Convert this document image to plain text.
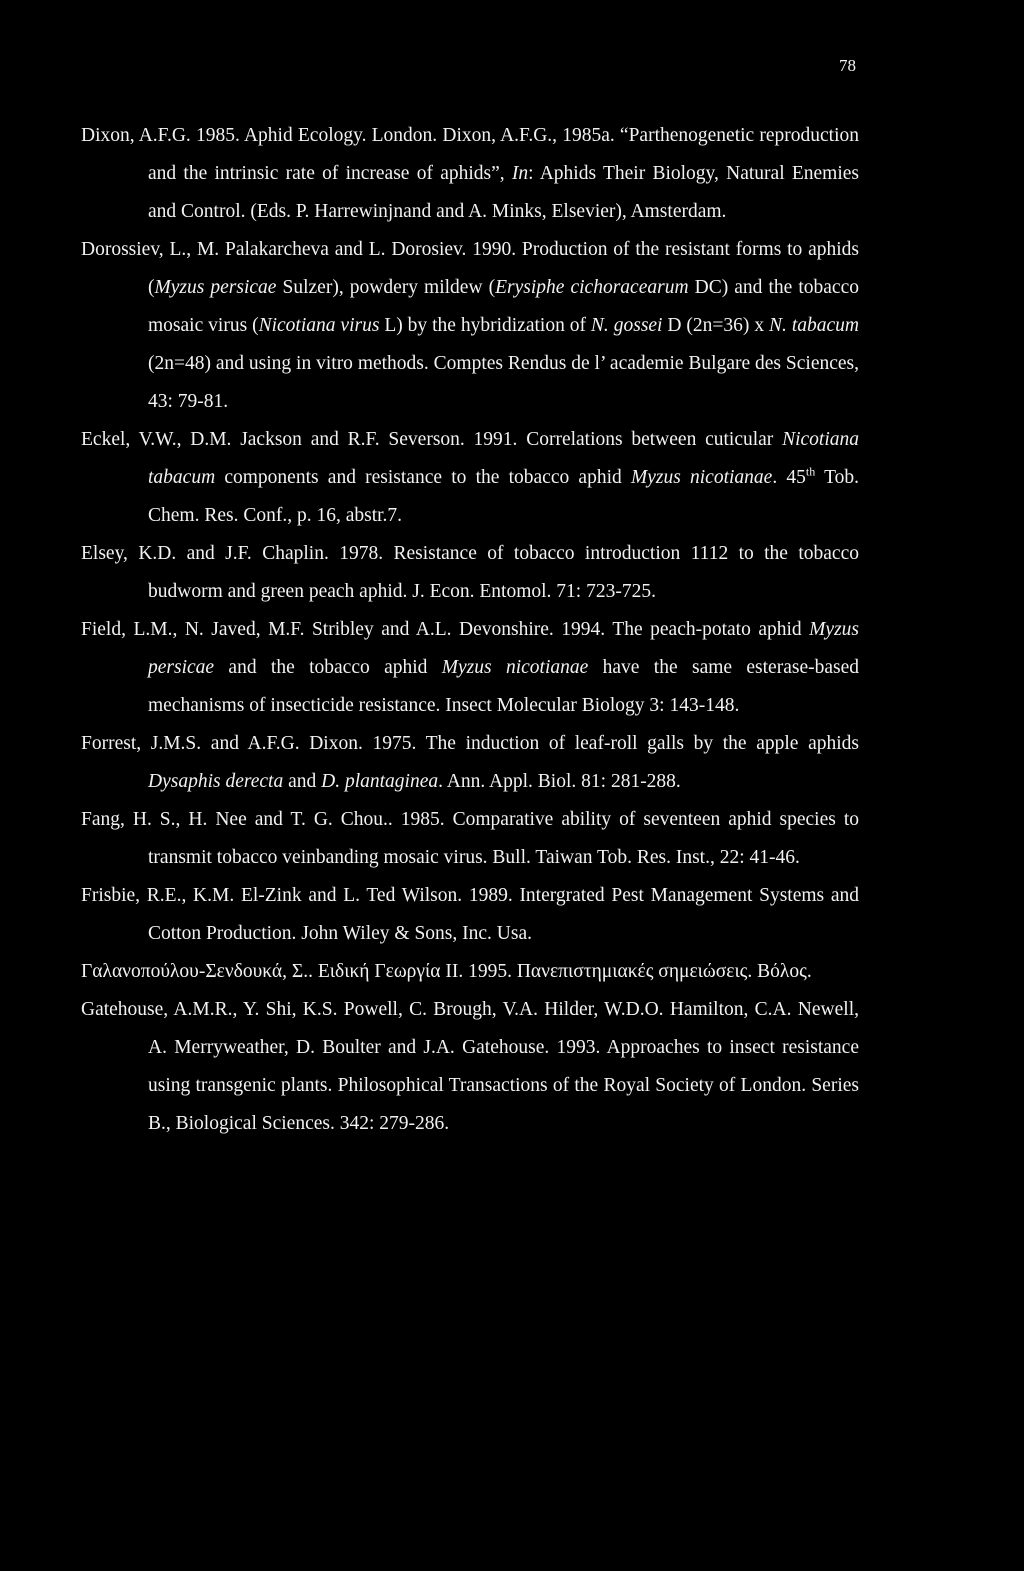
78

Dixon, A.F.G. 1985. Aphid Ecology. London. Dixon, A.F.G., 1985a. “Parthenogenetic reproduction and the intrinsic rate of increase of aphids”, In: Aphids Their Biology, Natural Enemies and Control. (Eds. P. Harrewinjnand and A. Minks, Elsevier), Amsterdam.

Dorossiev, L., M. Palakarcheva and L. Dorosiev. 1990. Production of the resistant forms to aphids (Myzus persicae Sulzer), powdery mildew (Erysiphe cichoracearum DC) and the tobacco mosaic virus (Nicotiana virus L) by the hybridization of N. gossei D (2n=36) x N. tabacum (2n=48) and using in vitro methods. Comptes Rendus de l’ academie Bulgare des Sciences, 43: 79-81.

Eckel, V.W., D.M. Jackson and R.F. Severson. 1991. Correlations between cuticular Nicotiana tabacum components and resistance to the tobacco aphid Myzus nicotianae. 45th Tob. Chem. Res. Conf., p. 16, abstr.7.

Elsey, K.D. and J.F. Chaplin. 1978. Resistance of tobacco introduction 1112 to the tobacco budworm and green peach aphid. J. Econ. Entomol. 71: 723-725.

Field, L.M., N. Javed, M.F. Stribley and A.L. Devonshire. 1994. The peach-potato aphid Myzus persicae and the tobacco aphid Myzus nicotianae have the same esterase-based mechanisms of insecticide resistance. Insect Molecular Biology 3: 143-148.

Forrest, J.M.S. and A.F.G. Dixon. 1975. The induction of leaf-roll galls by the apple aphids Dysaphis derecta and D. plantaginea. Ann. Appl. Biol. 81: 281-288.

Fang, H. S., H. Nee and T. G. Chou.. 1985. Comparative ability of seventeen aphid species to transmit tobacco veinbanding mosaic virus. Bull. Taiwan Tob. Res. Inst., 22: 41-46.

Frisbie, R.E., K.M. El-Zink and L. Ted Wilson. 1989. Intergrated Pest Management Systems and Cotton Production. John Wiley & Sons, Inc. Usa.

Γαλανοπούλου-Σενδουκά, Σ.. Ειδική Γεωργία ΙΙ. 1995. Πανεπιστημιακές σημειώσεις. Βόλος.

Gatehouse, A.M.R., Y. Shi, K.S. Powell, C. Brough, V.A. Hilder, W.D.O. Hamilton, C.A. Newell, A. Merryweather, D. Boulter and J.A. Gatehouse. 1993. Approaches to insect resistance using transgenic plants. Philosophical Transactions of the Royal Society of London. Series B., Biological Sciences. 342: 279-286.
